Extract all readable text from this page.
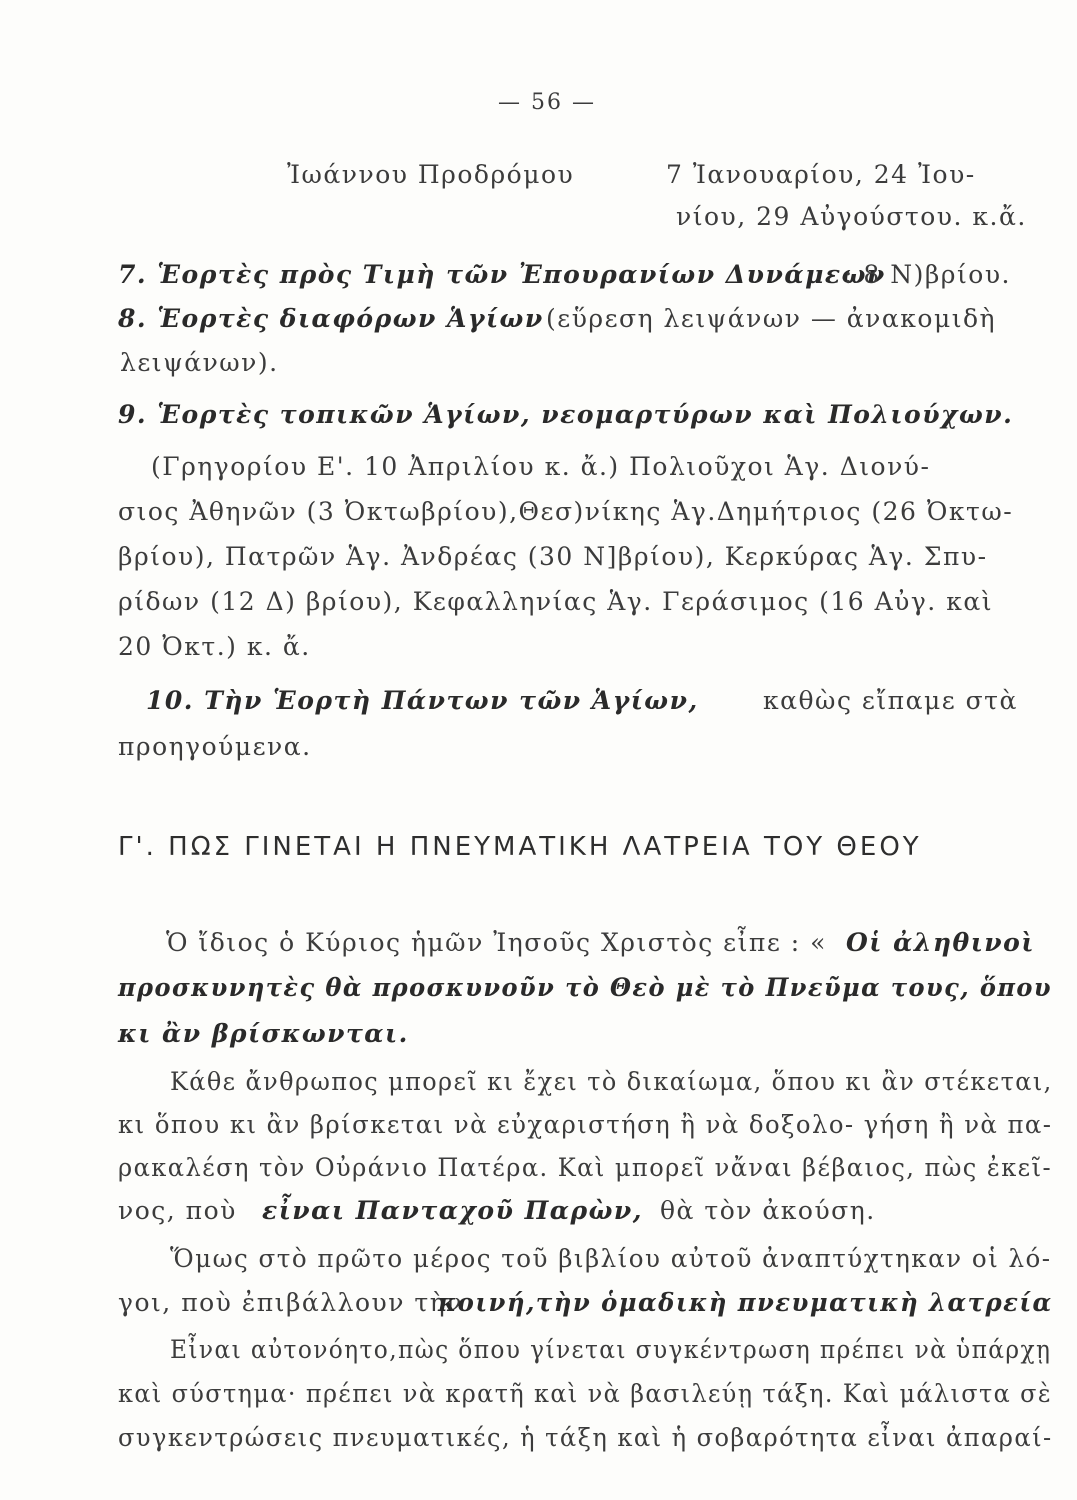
— 56 —
Ἰωάννου Προδρόμου	7 Ἰανουαρίου, 24 Ἰου-
νίου, 29 Αὐγούστου. κ.ἄ.
7. Ἑορτὲς πρὸς Τιμὴ τῶν Ἐπουρανίων Δυνάμεων
: 8 Ν)βρίου.
8. Ἑορτὲς διαφόρων Ἁγίων (εὕρεση λειψάνων — ἀνακομιδὴ
λειψάνων).
9. Ἑορτὲς τοπικῶν Ἁγίων, νεομαρτύρων καὶ Πολιούχων.
(Γρηγορίου Ε'. 10 Ἀπριλίου κ. ἄ.) Πολιοῦχοι Ἁγ. Διονύ-
σιος Ἀθηνῶν (3 Ὀκτωβρίου),Θεσ)νίκης Ἁγ.Δημήτριος (26 Ὀκτω-
βρίου), Πατρῶν Ἁγ. Ἀνδρέας (30 Ν]βρίου), Κερκύρας Ἁγ. Σπυ-
ρίδων (12 Δ) βρίου), Κεφαλληνίας Ἁγ. Γεράσιμος (16 Αὐγ. καὶ
20 Ὀκτ.) κ. ἄ.
10. Τὴν Ἑορτὴ Πάντων τῶν Ἁγίων,	καθὼς εἴπαμε στὰ
προηγούμενα.
Γ'. ΠΩΣ ΓΙΝΕΤΑΙ Η ΠΝΕΥΜΑΤΙΚΗ ΛΑΤΡΕΙΑ ΤΟΥ ΘΕΟΥ
Ὁ ἴδιος ὁ Κύριος ἡμῶν Ἰησοῦς Χριστὸς εἶπε : « Οἱ ἀληθινοὶ
προσκυνητὲς θὰ προσκυνοῦν τὸ Θεὸ μὲ τὸ Πνεῦμα τους, ὅπου
κι ἂν βρίσκωνται.
Κάθε ἄνθρωπος μπορεῖ κι ἔχει τὸ δικαίωμα, ὅπου κι ἂν στέκεται,
κι ὅπου κι ἂν βρίσκεται νὰ εὐχαριστήση ἢ νὰ δοξολο- γήση ἢ νὰ πα-
ρακαλέση τὸν Οὐράνιο Πατέρα. Καὶ μπορεῖ νἄναι βέβαιος, πὼς ἐκεῖ-
νος, ποὺ εἶναι Πανταχοῦ Παρὼν, θὰ τὸν ἀκούση.
Ὅμως στὸ πρῶτο μέρος τοῦ βιβλίου αὐτοῦ ἀναπτύχτηκαν οἱ λό-
γοι, ποὺ ἐπιβάλλουν τὴν
κοινή,τὴν ὁμαδικὴ πνευματικὴ λατρεία
Εἶναι αὐτονόητο,πὼς ὅπου γίνεται συγκέντρωση πρέπει νὰ ὑπάρχῃ
καὶ σύστημα· πρέπει νὰ κρατῆ καὶ νὰ βασιλεύῃ τάξη. Καὶ μάλιστα σὲ
συγκεντρώσεις πνευματικές, ἡ τάξη καὶ ἡ σοβαρότητα εἶναι ἀπαραί-
